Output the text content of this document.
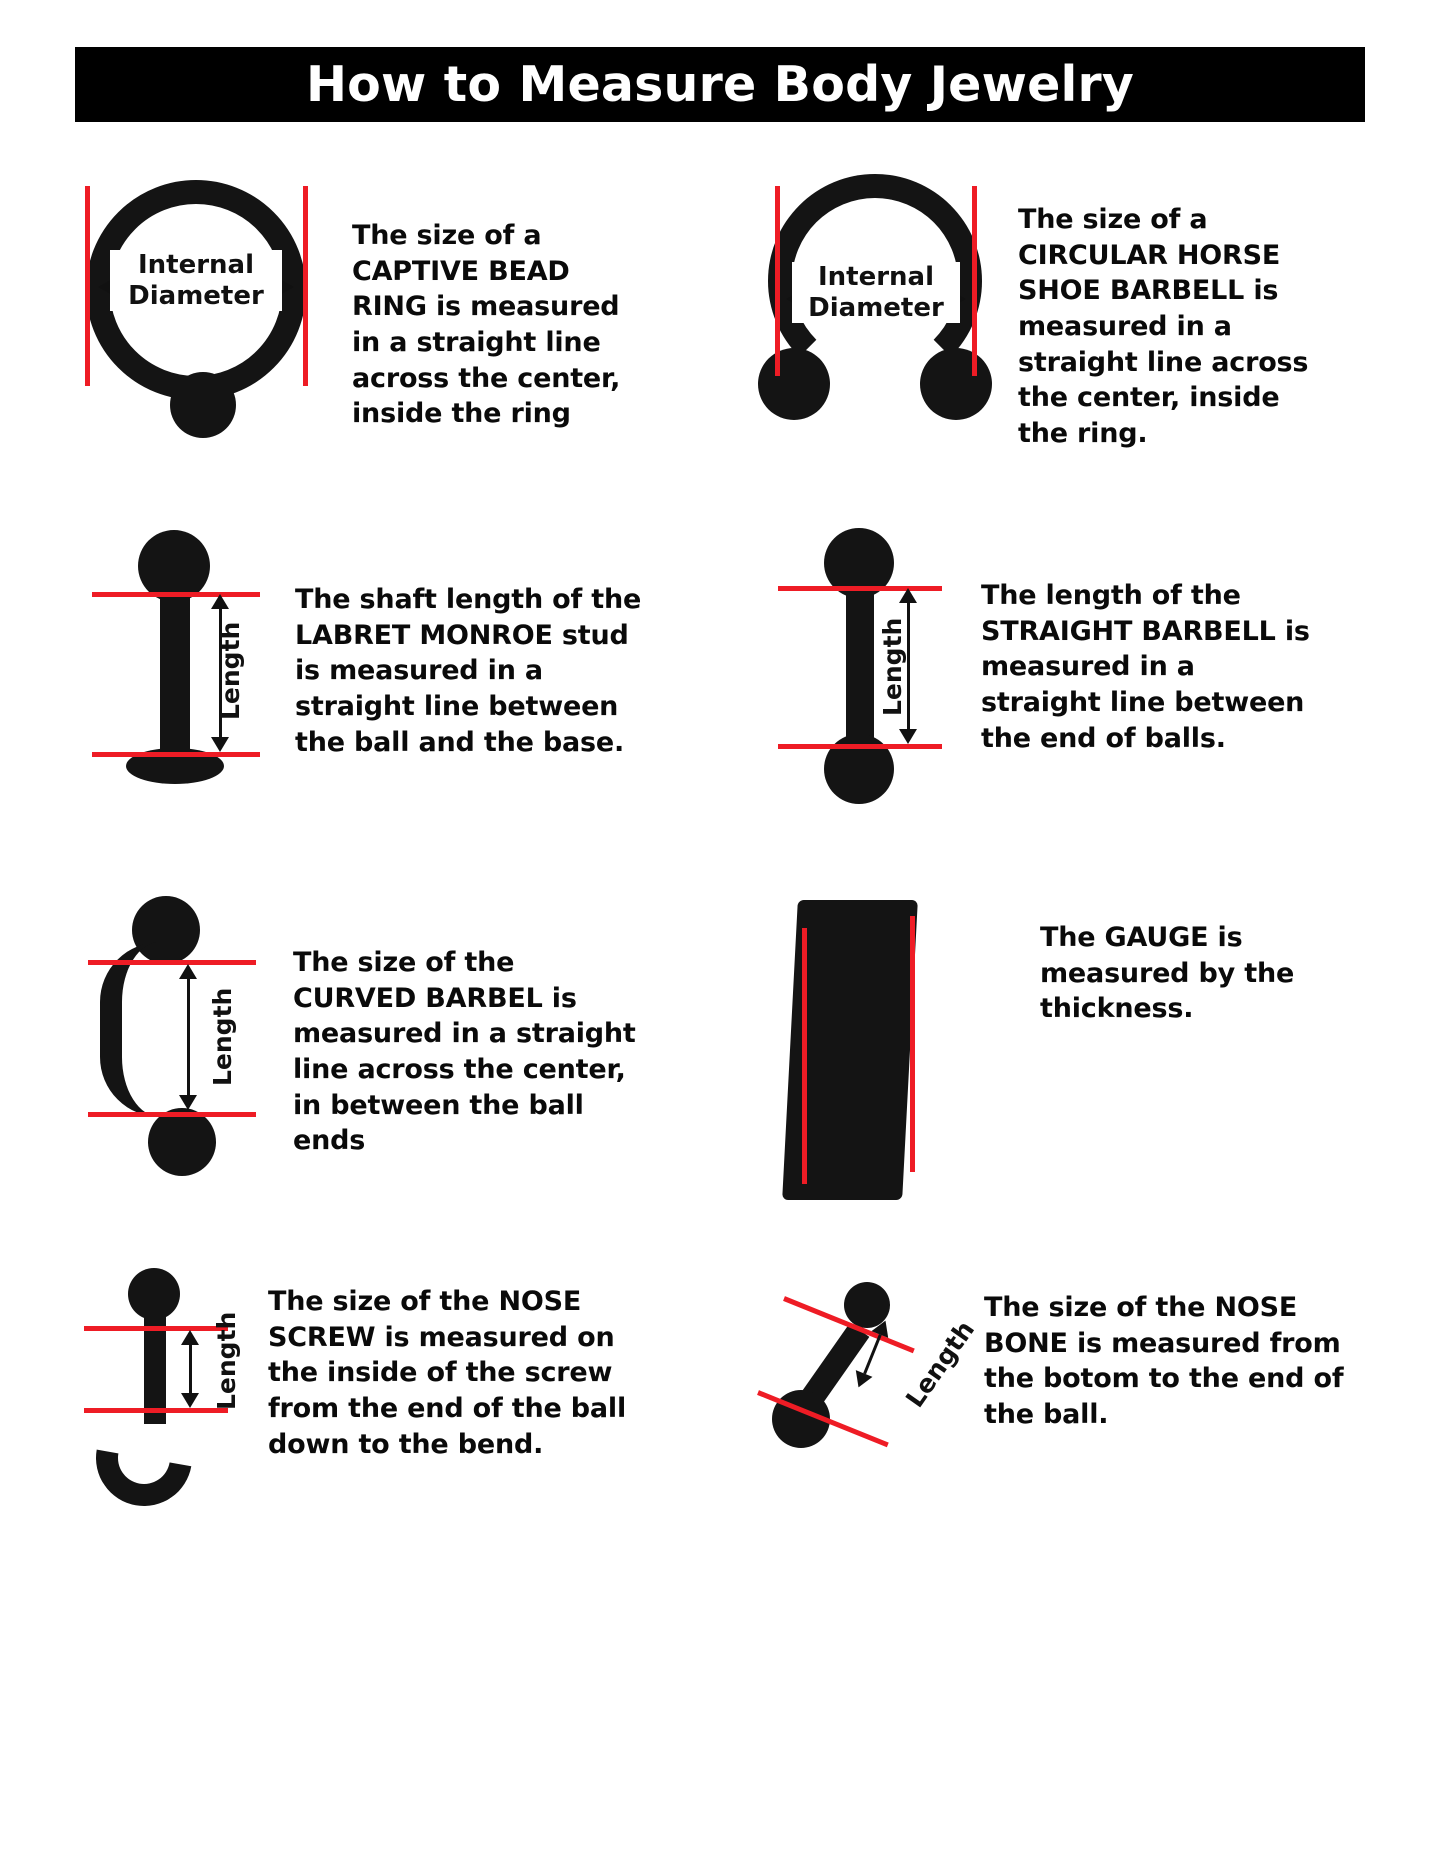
How to Measure Body Jewelry
Internal Diameter
The size of a CAPTIVE BEAD RING is measured in a straight line across the center, inside the ring
Internal Diameter
The size of a CIRCULAR HORSE SHOE BARBELL is measured in a straight line across the center, inside the ring.
Length
The shaft length of the LABRET MONROE stud is measured in a straight line between the ball and the base.
Length
The length of the STRAIGHT BARBELL is measured in a straight line between the end of balls.
Length
The size of the CURVED BARBEL is measured in a straight line across the center, in between the ball ends
The GAUGE is measured by the thickness.
Length
The size of the NOSE SCREW is measured on the inside of the screw from the end of the ball down to the bend.
Length
The size of the NOSE BONE is measured from the botom to the end of the ball.
